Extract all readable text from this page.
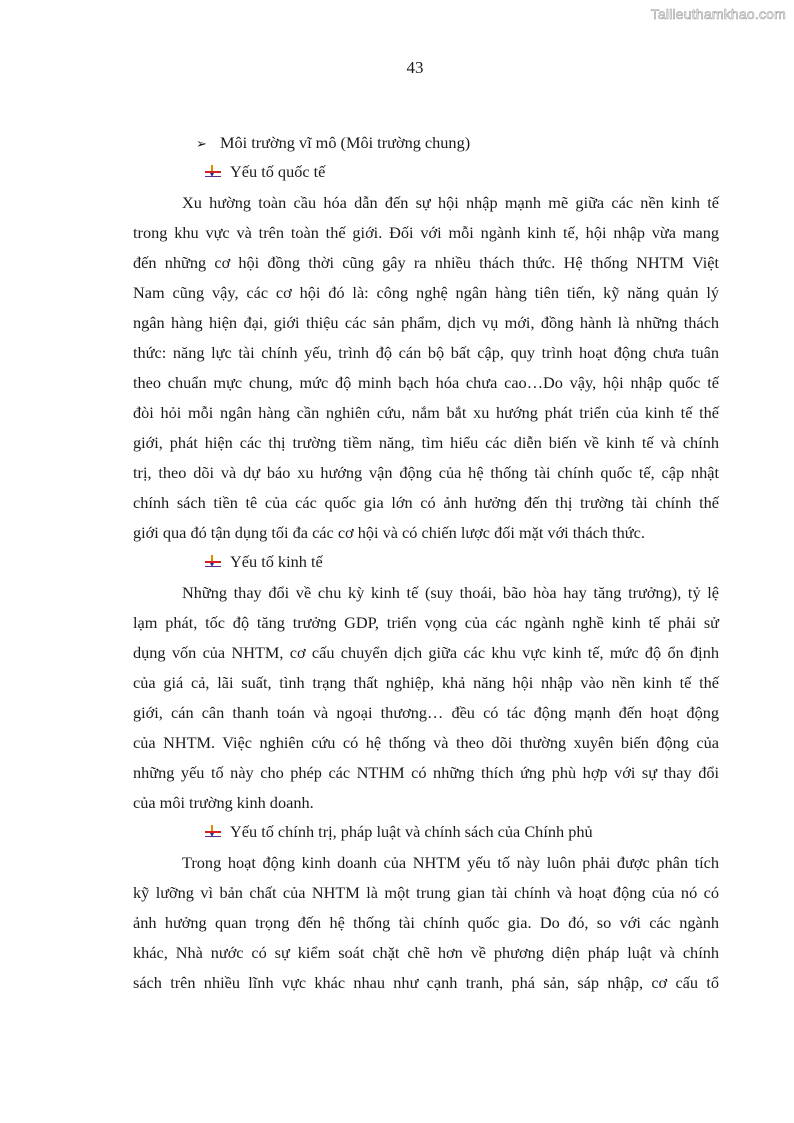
Tailieuthamkhao.com
43
➢ Môi trường vĩ mô (Môi trường chung)
Yếu tố quốc tế
Xu hường toàn cầu hóa dẫn đến sự hội nhập mạnh mẽ giữa các nền kinh tế
trong khu vực và trên toàn thế giới. Đối với mỗi ngành kinh tế, hội nhập vừa mang
đến những cơ hội đồng thời cũng gây ra nhiều thách thức. Hệ thống NHTM Việt
Nam cũng vậy, các cơ hội đó là: công nghệ ngân hàng tiên tiến, kỹ năng quản lý
ngân hàng hiện đại, giới thiệu các sản phẩm, dịch vụ mới, đồng hành là những thách
thức: năng lực tài chính yếu, trình độ cán bộ bất cập, quy trình hoạt động chưa tuân
theo chuẩn mực chung, mức độ minh bạch hóa chưa cao…Do vậy, hội nhập quốc tế
đòi hỏi mỗi ngân hàng cần nghiên cứu, nắm bắt xu hướng phát triển của kinh tế thế
giới, phát hiện các thị trường tiềm năng, tìm hiểu các diễn biến về kinh tế và chính
trị, theo dõi và dự báo xu hướng vận động của hệ thống tài chính quốc tế, cập nhật
chính sách tiền tê của các quốc gia lớn có ảnh hưởng đến thị trường tài chính thế
giới qua đó tận dụng tối đa các cơ hội và có chiến lược đối mặt với thách thức.
Yếu tố kinh tế
Những thay đổi về chu kỳ kinh tế (suy thoái, bão hòa hay tăng trưởng), tỷ lệ
lạm phát, tốc độ tăng trưởng GDP, triển vọng của các ngành nghề kinh tế phải sử
dụng vốn của NHTM, cơ cấu chuyển dịch giữa các khu vực kinh tế, mức độ ổn định
của giá cả, lãi suất, tình trạng thất nghiệp, khả năng hội nhập vào nền kinh tế thế
giới, cán cân thanh toán và ngoại thương… đều có tác động mạnh đến hoạt động
của NHTM. Việc nghiên cứu có hệ thống và theo dõi thường xuyên biến động của
những yếu tố này cho phép các NTHM có những thích ứng phù hợp với sự thay đổi
của môi trường kinh doanh.
Yếu tố chính trị, pháp luật và chính sách của Chính phủ
Trong hoạt động kinh doanh của NHTM yếu tố này luôn phải được phân tích
kỹ lưỡng vì bản chất của NHTM là một trung gian tài chính và hoạt động của nó có
ảnh hưởng quan trọng đến hệ thống tài chính quốc gia. Do đó, so với các ngành
khác, Nhà nước có sự kiểm soát chặt chẽ hơn về phương diện pháp luật và chính
sách trên nhiều lĩnh vực khác nhau như cạnh tranh, phá sản, sáp nhập, cơ cấu tổ
